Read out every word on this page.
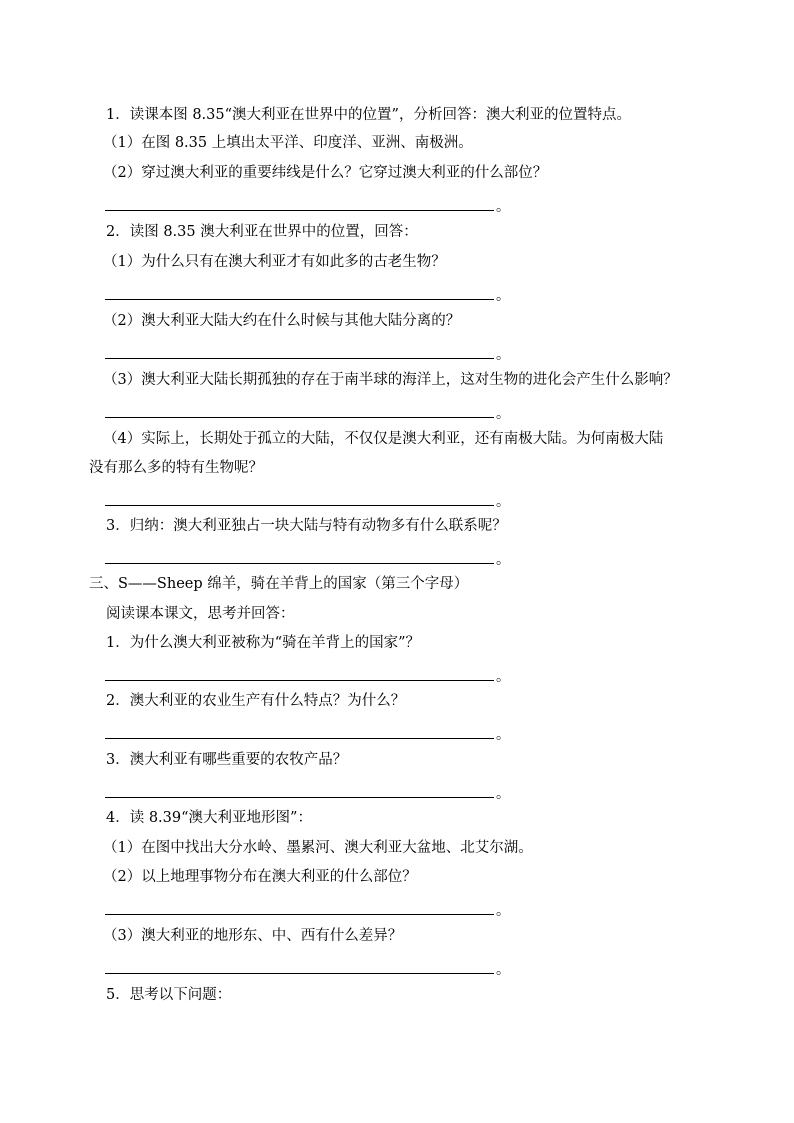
1．读课本图 8.35“澳大利亚在世界中的位置”，分析回答：澳大利亚的位置特点。
（1）在图 8.35 上填出太平洋、印度洋、亚洲、南极洲。
（2）穿过澳大利亚的重要纬线是什么？它穿过澳大利亚的什么部位？
。
2．读图 8.35 澳大利亚在世界中的位置，回答：
（1）为什么只有在澳大利亚才有如此多的古老生物？
。
（2）澳大利亚大陆大约在什么时候与其他大陆分离的？
。
（3）澳大利亚大陆长期孤独的存在于南半球的海洋上，这对生物的进化会产生什么影响？
。
（4）实际上，长期处于孤立的大陆，不仅仅是澳大利亚，还有南极大陆。为何南极大陆
没有那么多的特有生物呢？
。
3．归纳：澳大利亚独占一块大陆与特有动物多有什么联系呢？
。
三、S——Sheep 绵羊，骑在羊背上的国家（第三个字母）
阅读课本课文，思考并回答：
1．为什么澳大利亚被称为“骑在羊背上的国家”？
。
2．澳大利亚的农业生产有什么特点？为什么？
。
3．澳大利亚有哪些重要的农牧产品？
。
4．读 8.39“澳大利亚地形图”：
（1）在图中找出大分水岭、墨累河、澳大利亚大盆地、北艾尔湖。
（2）以上地理事物分布在澳大利亚的什么部位？
。
（3）澳大利亚的地形东、中、西有什么差异？
。
5．思考以下问题：
